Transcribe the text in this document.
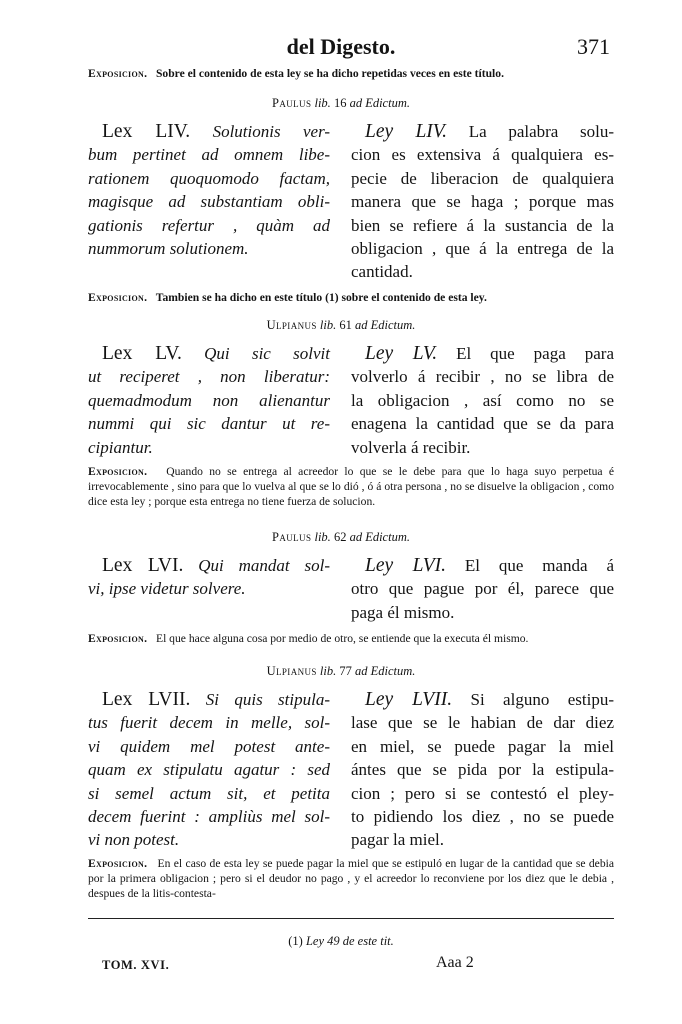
del Digesto.	371
Exposicion. Sobre el contenido de esta ley se ha dicho repetidas veces en este título.
Paulus lib. 16 ad Edictum.
Lex LIV. Solutionis ver-
bum pertinet ad omnem libe-
rationem quoquomodo factam,
magisque ad substantiam obli-
gationis refertur , quàm ad
nummorum solutionem.
Ley LIV. La palabra solu-
cion es extensiva á qualquiera es-
pecie de liberacion de qualquiera
manera que se haga ; porque mas
bien se refiere á la sustancia de la
obligacion , que á la entrega de la
cantidad.
Exposicion. Tambien se ha dicho en este título (1) sobre el contenido de esta ley.
Ulpianus lib. 61 ad Edictum.
Lex LV. Qui sic solvit
ut reciperet , non liberatur:
quemadmodum non alienantur
nummi qui sic dantur ut re-
cipiantur.
Ley LV. El que paga para
volverlo á recibir , no se libra de
la obligacion , así como no se
enagena la cantidad que se da para
volverla á recibir.
Exposicion. Quando no se entrega al acreedor lo que se le debe para que lo haga suyo perpetua é irrevocablemente , sino para que lo vuelva al que se lo dió , ó á otra persona , no se disuelve la obligacion , como dice esta ley ; porque esta entrega no tiene fuerza de solucion.
Paulus lib. 62 ad Edictum.
Lex LVI. Qui mandat sol-
vi, ipse videtur solvere.
Ley LVI. El que manda á
otro que pague por él, parece que
paga él mismo.
Exposicion. El que hace alguna cosa por medio de otro, se entiende que la executa él mismo.
Ulpianus lib. 77 ad Edictum.
Lex LVII. Si quis stipula-
tus fuerit decem in melle, sol-
vi quidem mel potest ante-
quam ex stipulatu agatur : sed
si semel actum sit, et petita
decem fuerint : ampliùs mel sol-
vi non potest.
Ley LVII. Si alguno estipu-
lase que se le habian de dar diez
en miel, se puede pagar la miel
ántes que se pida por la estipula-
cion ; pero si se contestó el pley-
to pidiendo los diez , no se puede
pagar la miel.
Exposicion. En el caso de esta ley se puede pagar la miel que se estipuló en lugar de la cantidad que se debia por la primera obligacion ; pero si el deudor no pago , y el acreedor lo reconviene por los diez que le debia , despues de la litis-contesta-
(1) Ley 49 de este tit.
TOM. XVI.	Aaa 2
